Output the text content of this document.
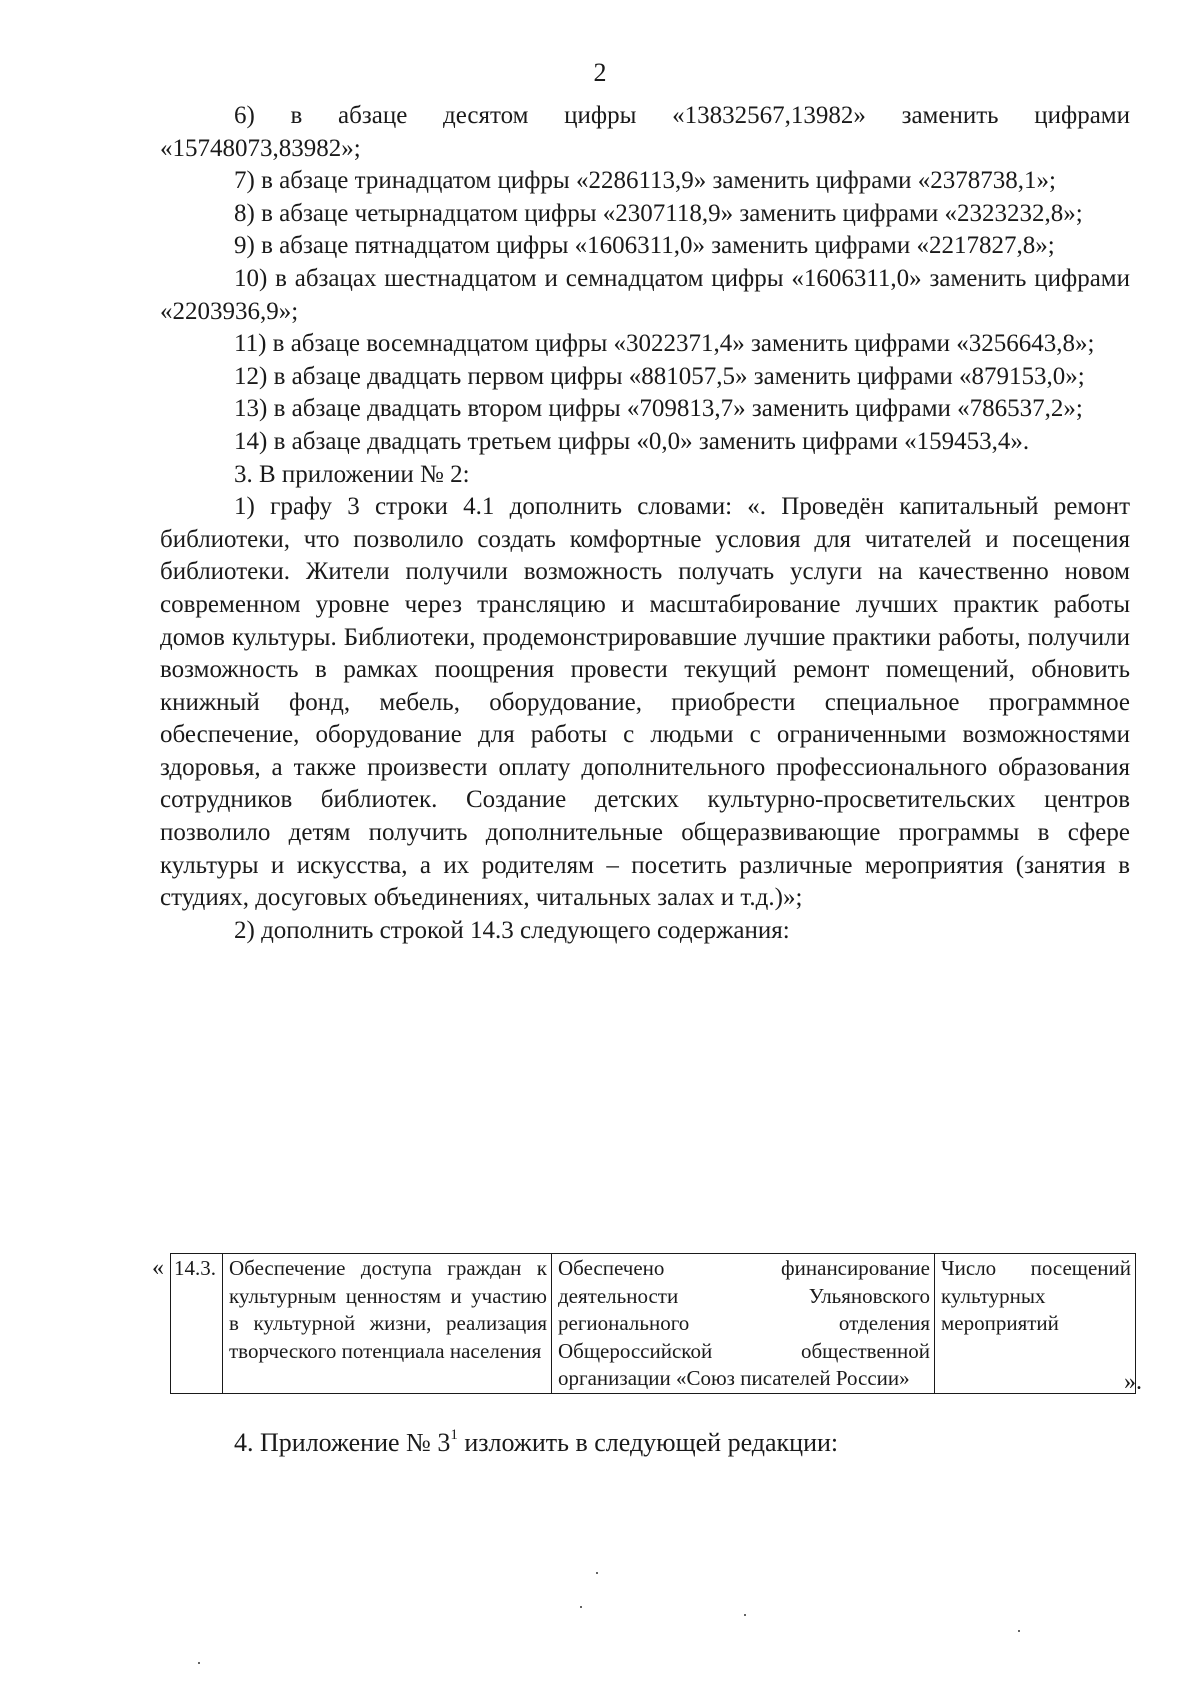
2

6) в абзаце десятом цифры «13832567,13982» заменить цифрами «15748073,83982»;

7) в абзаце тринадцатом цифры «2286113,9» заменить цифрами «2378738,1»;

8) в абзаце четырнадцатом цифры «2307118,9» заменить цифрами «2323232,8»;

9) в абзаце пятнадцатом цифры «1606311,0» заменить цифрами «2217827,8»;

10) в абзацах шестнадцатом и семнадцатом цифры «1606311,0» заменить цифрами «2203936,9»;

11) в абзаце восемнадцатом цифры «3022371,4» заменить цифрами «3256643,8»;

12) в абзаце двадцать первом цифры «881057,5» заменить цифрами «879153,0»;

13) в абзаце двадцать втором цифры «709813,7» заменить цифрами «786537,2»;

14) в абзаце двадцать третьем цифры «0,0» заменить цифрами «159453,4».

3. В приложении № 2:

1) графу 3 строки 4.1 дополнить словами: «. Проведён капитальный ремонт библиотеки, что позволило создать комфортные условия для читателей и посещения библиотеки. Жители получили возможность получать услуги на качественно новом современном уровне через трансляцию и масштабирование лучших практик работы домов культуры. Библиотеки, продемонстрировавшие лучшие практики работы, получили возможность в рамках поощрения провести текущий ремонт помещений, обновить книжный фонд, мебель, оборудование, приобрести специальное программное обеспечение, оборудование для работы с людьми с ограниченными возможностями здоровья, а также произвести оплату дополнительного профессионального образования сотрудников библиотек. Создание детских культурно-просветительских центров позволило детям получить дополнительные общеразвивающие программы в сфере культуры и искусства, а их родителям – посетить различные мероприятия (занятия в студиях, досуговых объединениях, читальных залах и т.д.)»;

2) дополнить строкой 14.3 следующего содержания:

« 14.3.	Обеспечение доступа граждан к культурным ценностям и участию в культурной жизни, реализация творческого потенциала населения	Обеспечено финансирование деятельности Ульяновского регионального отделения Общероссийской общественной организации «Союз писателей России»	Число посещений культурных мероприятий
».
4. Приложение № $3^1$ изложить в следующей редакции:
